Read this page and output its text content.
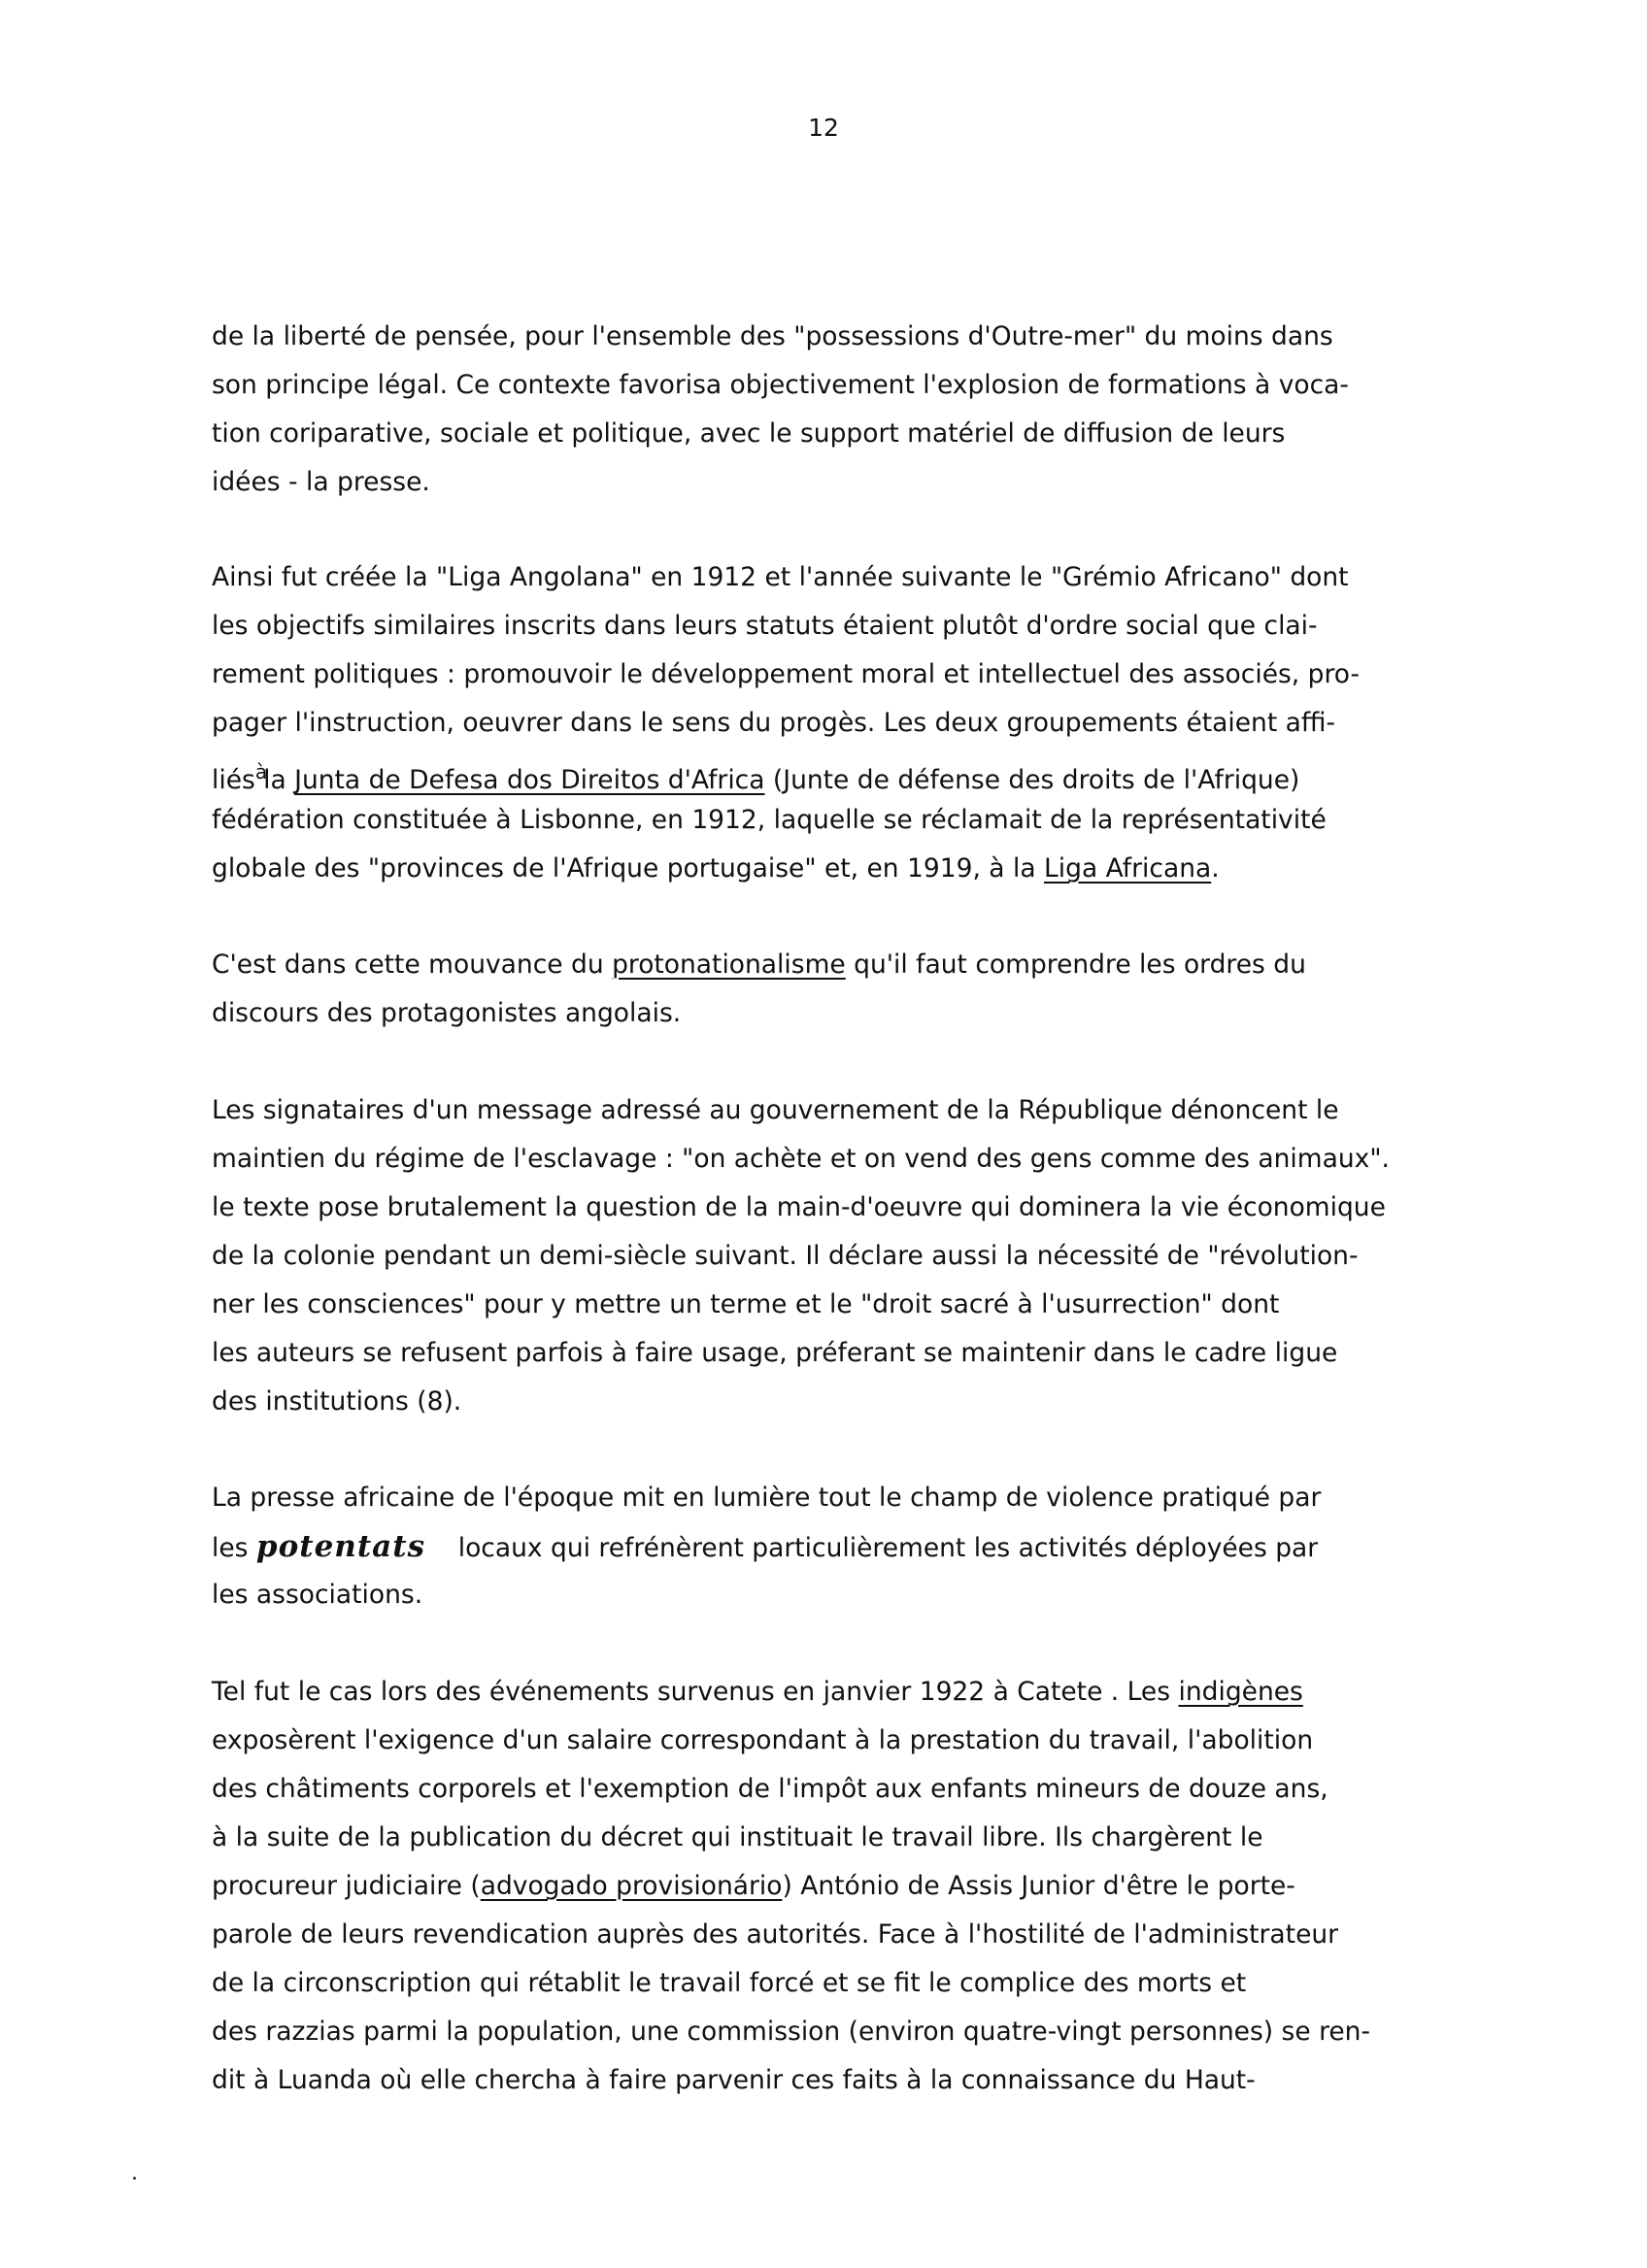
12

de la liberté de pensée, pour l'ensemble des "possessions d'Outre-mer" du moins dans
son principe légal. Ce contexte favorisa objectivement l'explosion de formations à voca-
tion coriparative, sociale et politique, avec le support matériel de diffusion de leurs
idées - la presse.
Ainsi fut créée la "Liga Angolana" en 1912 et l'année suivante le "Grémio Africano" dont
les objectifs similaires inscrits dans leurs statuts étaient plutôt d'ordre social que clai-
rement politiques : promouvoir le développement moral et intellectuel des associés, pro-
pager l'instruction, oeuvrer dans le sens du progès. Les deux groupements étaient affi-
liésàla Junta de Defesa dos Direitos d'Africa (Junte de défense des droits de l'Afrique)
fédération constituée à Lisbonne, en 1912, laquelle se réclamait de la représentativité
globale des "provinces de l'Afrique portugaise" et, en 1919, à la Liga Africana.
C'est dans cette mouvance du protonationalisme qu'il faut comprendre les ordres du
discours des protagonistes angolais.
Les signataires d'un message adressé au gouvernement de la République dénoncent le
maintien du régime de l'esclavage : "on achète et on vend des gens comme des animaux".
le texte pose brutalement la question de la main-d'oeuvre qui dominera la vie économique
de la colonie pendant un demi-siècle suivant. Il déclare aussi la nécessité de "révolution-
ner les consciences" pour y mettre un terme et le "droit sacré à l'usurrection" dont
les auteurs se refusent parfois à faire usage, préferant se maintenir dans le cadre ligue
des institutions (8).
La presse africaine de l'époque mit en lumière tout le champ de violence pratiqué par
les potentats    locaux qui refrénèrent particulièrement les activités déployées par
les associations.
Tel fut le cas lors des événements survenus en janvier 1922 à Catete . Les indigènes
exposèrent l'exigence d'un salaire correspondant à la prestation du travail, l'abolition
des châtiments corporels et l'exemption de l'impôt aux enfants mineurs de douze ans,
à la suite de la publication du décret qui instituait le travail libre. Ils chargèrent le
procureur judiciaire (advogado provisionário) António de Assis Junior d'être le porte-
parole de leurs revendication auprès des autorités. Face à l'hostilité de l'administrateur
de la circonscription qui rétablit le travail forcé et se fit le complice des morts et
des razzias parmi la population, une commission (environ quatre-vingt personnes) se ren-
dit à Luanda où elle chercha à faire parvenir ces faits à la connaissance du Haut-
